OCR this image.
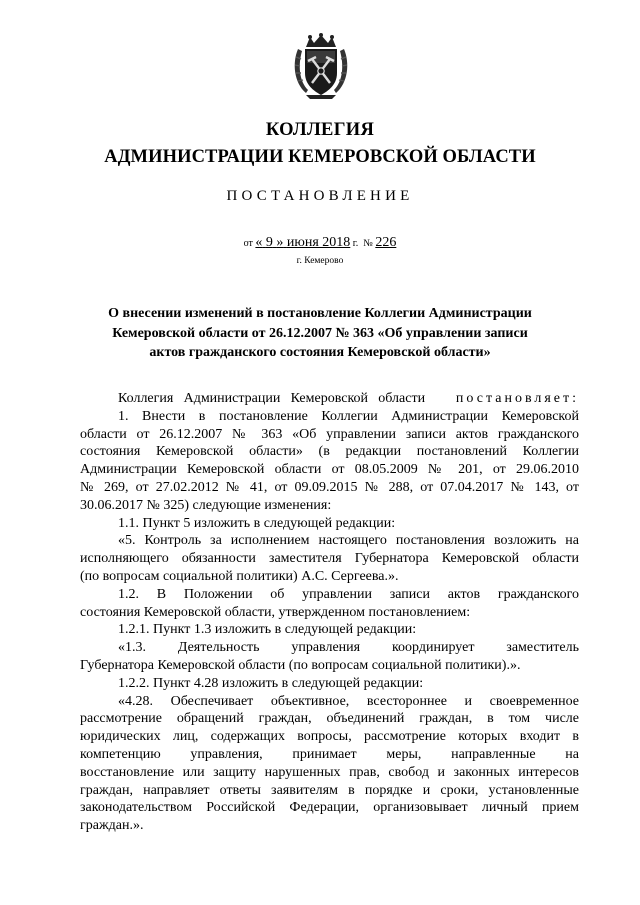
КОЛЛЕГИЯ
АДМИНИСТРАЦИИ КЕМЕРОВСКОЙ ОБЛАСТИ
ПОСТАНОВЛЕНИЕ
от « 9 » июня 2018 г. № 226
г. Кемерово
О внесении изменений в постановление Коллегии Администрации
Кемеровской области от 26.12.2007 № 363 «Об управлении записи
актов гражданского состояния Кемеровской области»
Коллегия Администрации Кемеровской области постановляет:
1. Внести в постановление Коллегии Администрации Кемеровской
области от 26.12.2007 № 363 «Об управлении записи актов гражданского
состояния Кемеровской области» (в редакции постановлений Коллегии
Администрации Кемеровской области от 08.05.2009 № 201, от 29.06.2010
№ 269, от 27.02.2012 № 41, от 09.09.2015 № 288, от 07.04.2017 № 143, от
30.06.2017 № 325) следующие изменения:
1.1. Пункт 5 изложить в следующей редакции:
«5. Контроль за исполнением настоящего постановления возложить на
исполняющего обязанности заместителя Губернатора Кемеровской области
(по вопросам социальной политики) А.С. Сергеева.».
1.2. В Положении об управлении записи актов гражданского
состояния Кемеровской области, утвержденном постановлением:
1.2.1. Пункт 1.3 изложить в следующей редакции:
«1.3. Деятельность управления координирует заместитель
Губернатора Кемеровской области (по вопросам социальной политики).».
1.2.2. Пункт 4.28 изложить в следующей редакции:
«4.28. Обеспечивает объективное, всестороннее и своевременное
рассмотрение обращений граждан, объединений граждан, в том числе
юридических лиц, содержащих вопросы, рассмотрение которых входит в
компетенцию управления, принимает меры, направленные на
восстановление или защиту нарушенных прав, свобод и законных интересов
граждан, направляет ответы заявителям в порядке и сроки, установленные
законодательством Российской Федерации, организовывает личный прием
граждан.».
